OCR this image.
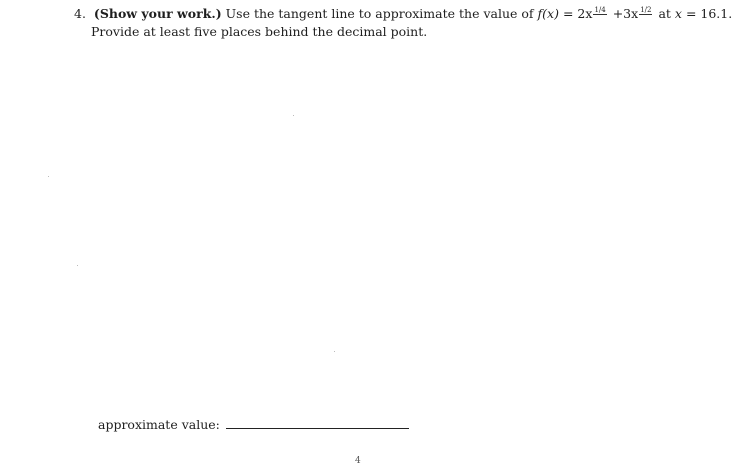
4. (Show your work.) Use the tangent line to approximate the value of f(x) = 2x $^{1/4}$ +3x $^{1/2}$ at x = 16.1.
Provide at least five places behind the decimal point.
approximate value:
4
